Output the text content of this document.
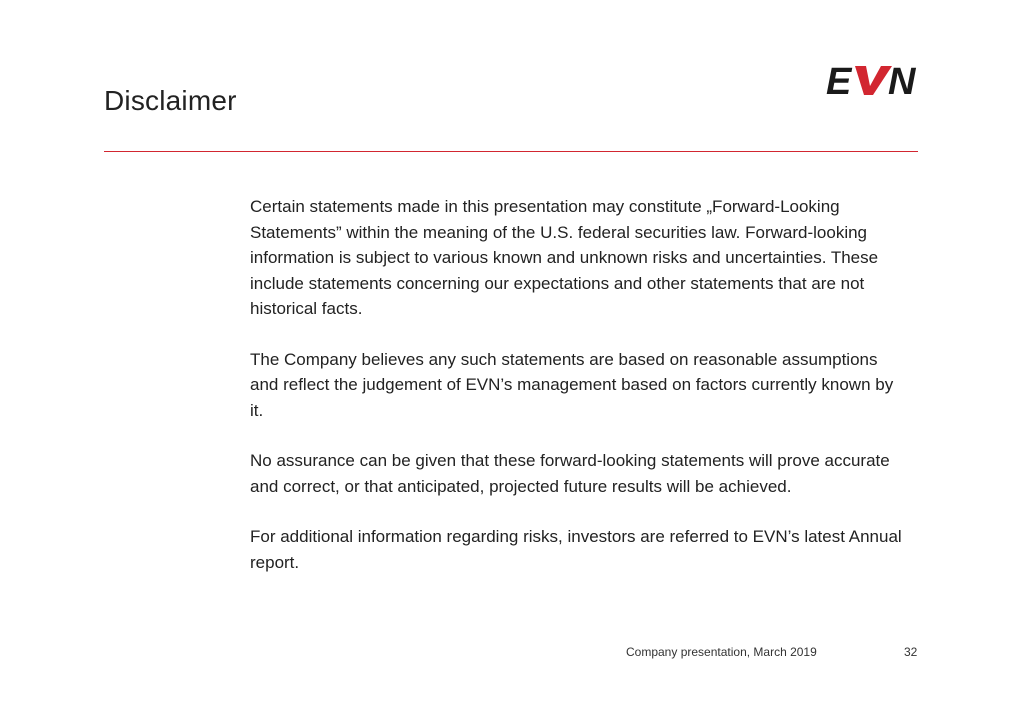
Disclaimer	E N

Certain statements made in this presentation may constitute „Forward-Looking Statements” within the meaning of the U.S. federal securities law. Forward-looking information is subject to various known and unknown risks and uncertainties. These include statements concerning our expectations and other statements that are not historical facts.

The Company believes any such statements are based on reasonable assumptions and reflect the judgement of EVN’s management based on factors currently known by it.

No assurance can be given that these forward-looking statements will prove accurate and correct, or that anticipated, projected future results will be achieved.

For additional information regarding risks, investors are referred to EVN’s latest Annual report.

Company presentation, March 2019	32
